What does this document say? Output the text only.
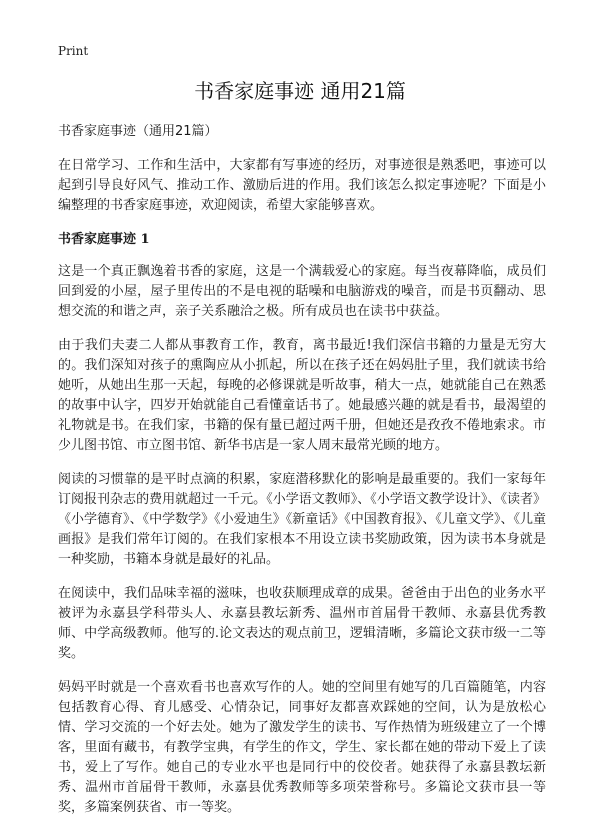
Print
书香家庭事迹 通用21篇

书香家庭事迹（通用21篇）

在日常学习、工作和生活中，大家都有写事迹的经历，对事迹很是熟悉吧，事迹可以起到引导良好风气、推动工作、激励后进的作用。我们该怎么拟定事迹呢？下面是小编整理的书香家庭事迹，欢迎阅读，希望大家能够喜欢。

书香家庭事迹 1

这是一个真正飘逸着书香的家庭，这是一个满载爱心的家庭。每当夜幕降临，成员们回到爱的小屋，屋子里传出的不是电视的聒噪和电脑游戏的噪音，而是书页翻动、思想交流的和谐之声，亲子关系融洽之极。所有成员也在读书中获益。

由于我们夫妻二人都从事教育工作，教育，离书最近!我们深信书籍的力量是无穷大的。我们深知对孩子的熏陶应从小抓起，所以在孩子还在妈妈肚子里，我们就读书给她听，从她出生那一天起，每晚的必修课就是听故事，稍大一点，她就能自己在熟悉的故事中认字，四岁开始就能自己看懂童话书了。她最感兴趣的就是看书，最渴望的礼物就是书。在我们家，书籍的保有量已超过两千册，但她还是孜孜不倦地索求。市少儿图书馆、市立图书馆、新华书店是一家人周末最常光顾的地方。

阅读的习惯靠的是平时点滴的积累，家庭潜移默化的影响是最重要的。我们一家每年订阅报刊杂志的费用就超过一千元。《小学语文教师》、《小学语文教学设计》、《读者》《小学德育》、《中学数学》《小爱迪生》《新童话》《中国教育报》、《儿童文学》、《儿童画报》是我们常年订阅的。在我们家根本不用设立读书奖励政策，因为读书本身就是一种奖励，书籍本身就是最好的礼品。

在阅读中，我们品味幸福的滋味，也收获顺理成章的成果。爸爸由于出色的业务水平被评为永嘉县学科带头人、永嘉县教坛新秀、温州市首届骨干教师、永嘉县优秀教师、中学高级教师。他写的.论文表达的观点前卫，逻辑清晰，多篇论文获市级一二等奖。

妈妈平时就是一个喜欢看书也喜欢写作的人。她的空间里有她写的几百篇随笔，内容包括教育心得、育儿感受、心情杂记，同事好友都喜欢踩她的空间，认为是放松心情、学习交流的一个好去处。她为了激发学生的读书、写作热情为班级建立了一个博客，里面有藏书，有教学宝典，有学生的作文，学生、家长都在她的带动下爱上了读书，爱上了写作。她自己的专业水平也是同行中的佼佼者。她获得了永嘉县教坛新秀、温州市首届骨干教师，永嘉县优秀教师等多项荣誉称号。多篇论文获市县一等奖，多篇案例获省、市一等奖。
